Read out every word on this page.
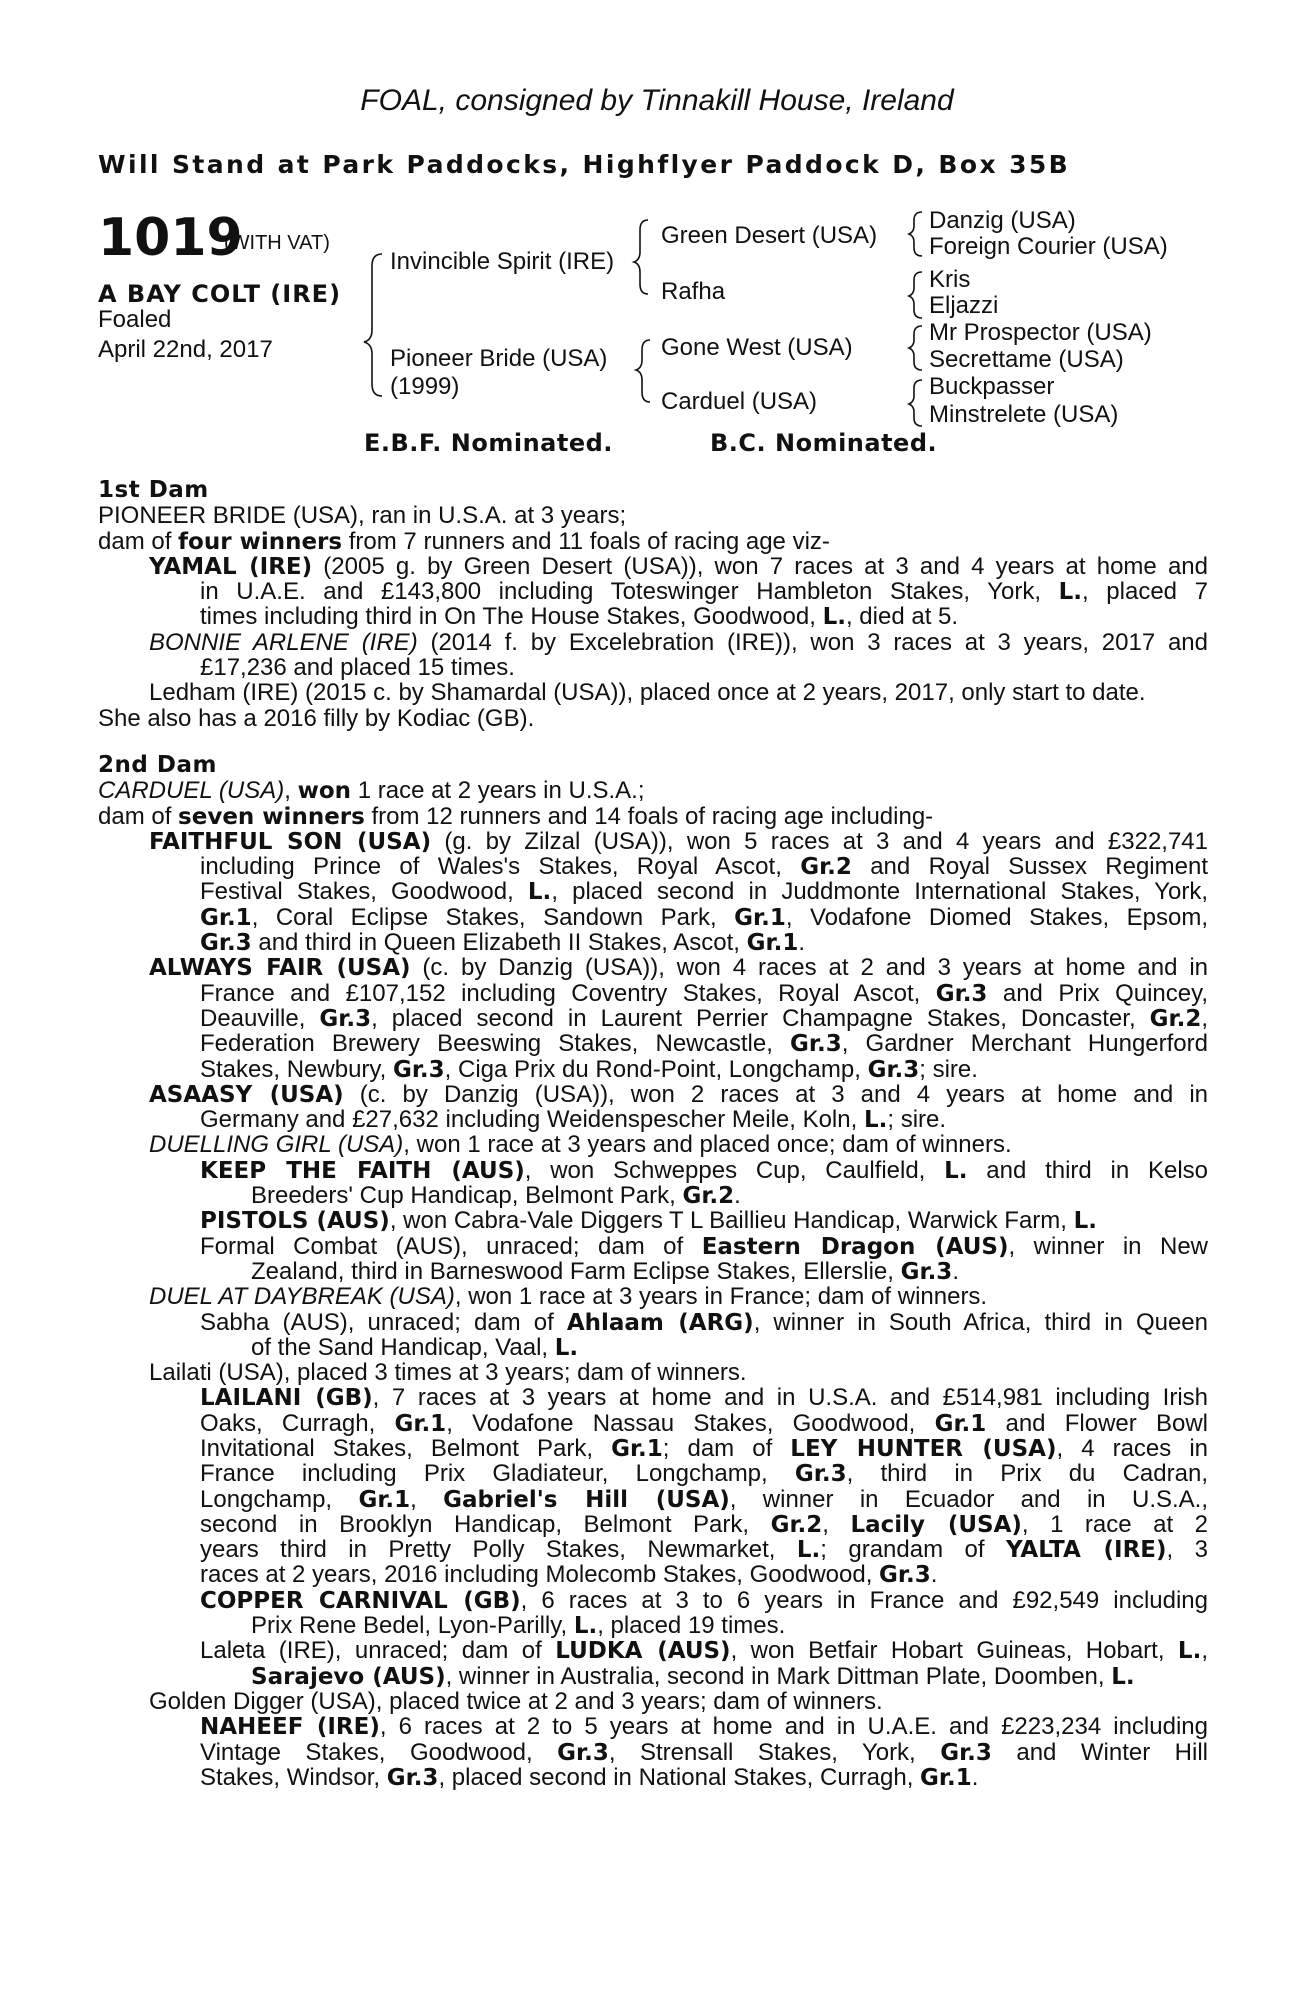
FOAL, consigned by Tinnakill House, Ireland
Will Stand at Park Paddocks, Highflyer Paddock D, Box 35B
1019
(WITH VAT)
A BAY COLT (IRE)
Foaled
April 22nd, 2017
Invincible Spirit (IRE)
Pioneer Bride (USA)
(1999)
Green Desert (USA)
Rafha
Gone West (USA)
Carduel (USA)
Danzig (USA)
Foreign Courier (USA)
Kris
Eljazzi
Mr Prospector (USA)
Secrettame (USA)
Buckpasser
Minstrelete (USA)
E.B.F. Nominated.	B.C. Nominated.
1st Dam
PIONEER BRIDE (USA), ran in U.S.A. at 3 years;
dam of four winners from 7 runners and 11 foals of racing age viz-
YAMAL (IRE) (2005 g. by Green Desert (USA)), won 7 races at 3 and 4 years at home and
in U.A.E. and £143,800 including Toteswinger Hambleton Stakes, York, L., placed 7
times including third in On The House Stakes, Goodwood, L., died at 5.
BONNIE ARLENE (IRE) (2014 f. by Excelebration (IRE)), won 3 races at 3 years, 2017 and
£17,236 and placed 15 times.
Ledham (IRE) (2015 c. by Shamardal (USA)), placed once at 2 years, 2017, only start to date.
She also has a 2016 filly by Kodiac (GB).
2nd Dam
CARDUEL (USA), won 1 race at 2 years in U.S.A.;
dam of seven winners from 12 runners and 14 foals of racing age including-
FAITHFUL SON (USA) (g. by Zilzal (USA)), won 5 races at 3 and 4 years and £322,741
including Prince of Wales's Stakes, Royal Ascot, Gr.2 and Royal Sussex Regiment
Festival Stakes, Goodwood, L., placed second in Juddmonte International Stakes, York,
Gr.1, Coral Eclipse Stakes, Sandown Park, Gr.1, Vodafone Diomed Stakes, Epsom,
Gr.3 and third in Queen Elizabeth II Stakes, Ascot, Gr.1.
ALWAYS FAIR (USA) (c. by Danzig (USA)), won 4 races at 2 and 3 years at home and in
France and £107,152 including Coventry Stakes, Royal Ascot, Gr.3 and Prix Quincey,
Deauville, Gr.3, placed second in Laurent Perrier Champagne Stakes, Doncaster, Gr.2,
Federation Brewery Beeswing Stakes, Newcastle, Gr.3, Gardner Merchant Hungerford
Stakes, Newbury, Gr.3, Ciga Prix du Rond-Point, Longchamp, Gr.3; sire.
ASAASY (USA) (c. by Danzig (USA)), won 2 races at 3 and 4 years at home and in
Germany and £27,632 including Weidenspescher Meile, Koln, L.; sire.
DUELLING GIRL (USA), won 1 race at 3 years and placed once; dam of winners.
KEEP THE FAITH (AUS), won Schweppes Cup, Caulfield, L. and third in Kelso
Breeders' Cup Handicap, Belmont Park, Gr.2.
PISTOLS (AUS), won Cabra-Vale Diggers T L Baillieu Handicap, Warwick Farm, L.
Formal Combat (AUS), unraced; dam of Eastern Dragon (AUS), winner in New
Zealand, third in Barneswood Farm Eclipse Stakes, Ellerslie, Gr.3.
DUEL AT DAYBREAK (USA), won 1 race at 3 years in France; dam of winners.
Sabha (AUS), unraced; dam of Ahlaam (ARG), winner in South Africa, third in Queen
of the Sand Handicap, Vaal, L.
Lailati (USA), placed 3 times at 3 years; dam of winners.
LAILANI (GB), 7 races at 3 years at home and in U.S.A. and £514,981 including Irish
Oaks, Curragh, Gr.1, Vodafone Nassau Stakes, Goodwood, Gr.1 and Flower Bowl
Invitational Stakes, Belmont Park, Gr.1; dam of LEY HUNTER (USA), 4 races in
France including Prix Gladiateur, Longchamp, Gr.3, third in Prix du Cadran,
Longchamp, Gr.1, Gabriel's Hill (USA), winner in Ecuador and in U.S.A.,
second in Brooklyn Handicap, Belmont Park, Gr.2, Lacily (USA), 1 race at 2
years third in Pretty Polly Stakes, Newmarket, L.; grandam of YALTA (IRE), 3
races at 2 years, 2016 including Molecomb Stakes, Goodwood, Gr.3.
COPPER CARNIVAL (GB), 6 races at 3 to 6 years in France and £92,549 including
Prix Rene Bedel, Lyon-Parilly, L., placed 19 times.
Laleta (IRE), unraced; dam of LUDKA (AUS), won Betfair Hobart Guineas, Hobart, L.,
Sarajevo (AUS), winner in Australia, second in Mark Dittman Plate, Doomben, L.
Golden Digger (USA), placed twice at 2 and 3 years; dam of winners.
NAHEEF (IRE), 6 races at 2 to 5 years at home and in U.A.E. and £223,234 including
Vintage Stakes, Goodwood, Gr.3, Strensall Stakes, York, Gr.3 and Winter Hill
Stakes, Windsor, Gr.3, placed second in National Stakes, Curragh, Gr.1.
